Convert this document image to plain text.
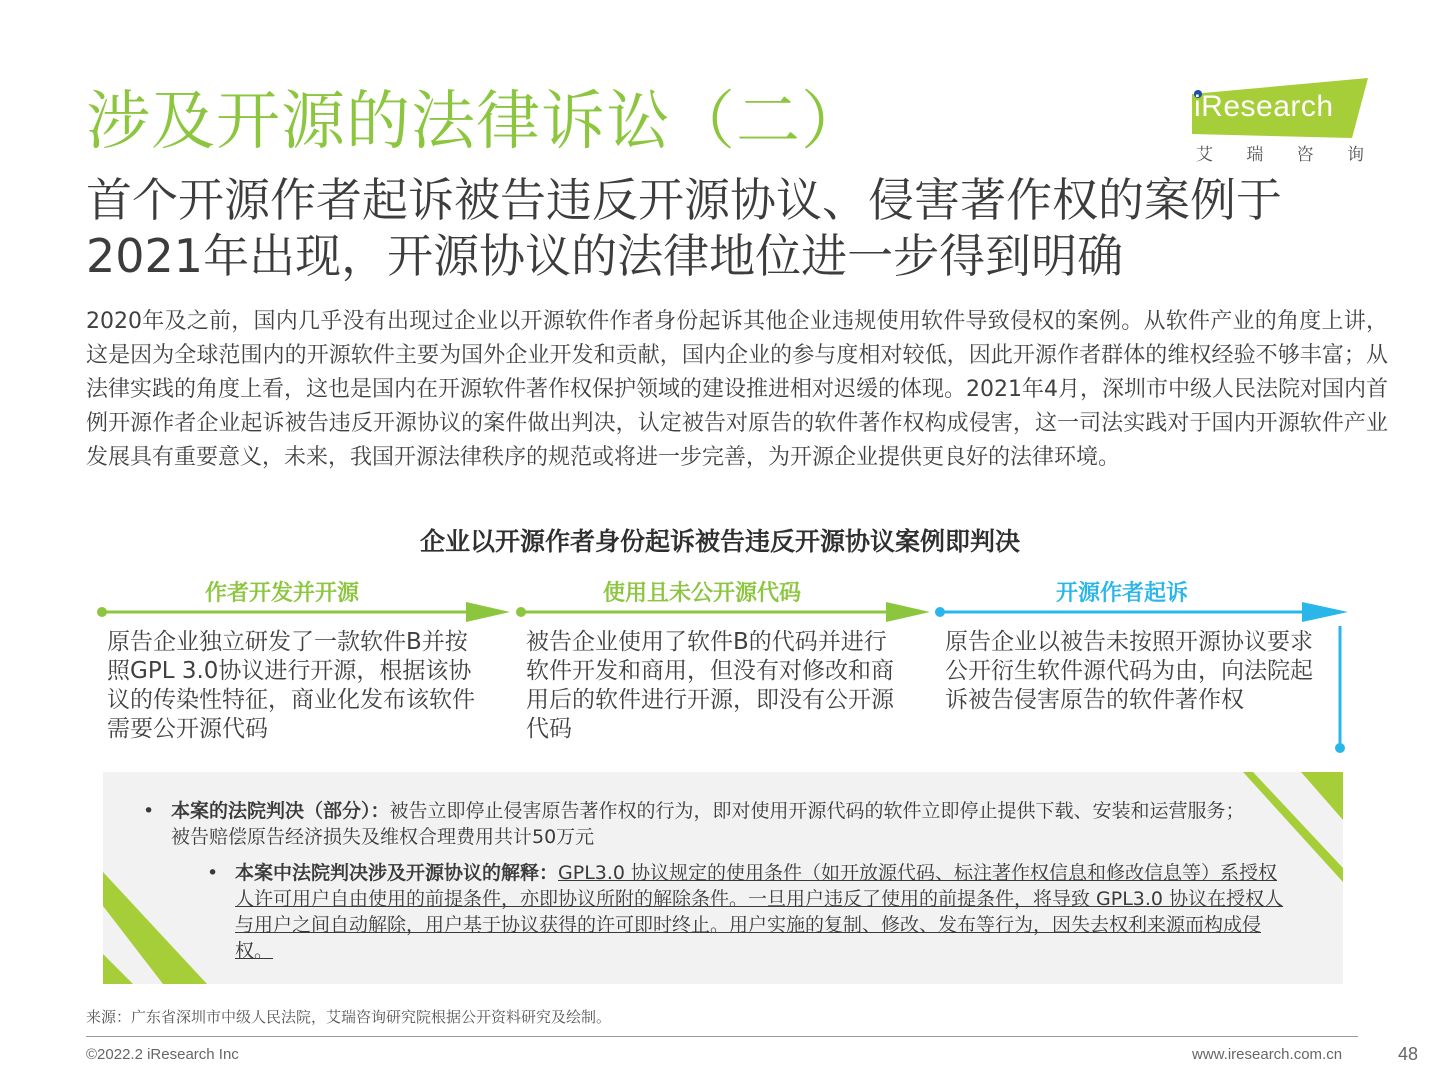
涉及开源的法律诉讼（二）
首个开源作者起诉被告违反开源协议、侵害著作权的案例于2021年出现，开源协议的法律地位进一步得到明确
iResearch
艾 瑞 咨 询
2020年及之前，国内几乎没有出现过企业以开源软件作者身份起诉其他企业违规使用软件导致侵权的案例。从软件产业的角度上讲，这是因为全球范围内的开源软件主要为国外企业开发和贡献，国内企业的参与度相对较低，因此开源作者群体的维权经验不够丰富；从法律实践的角度上看，这也是国内在开源软件著作权保护领域的建设推进相对迟缓的体现。2021年4月，深圳市中级人民法院对国内首例开源作者企业起诉被告违反开源协议的案件做出判决，认定被告对原告的软件著作权构成侵害，这一司法实践对于国内开源软件产业发展具有重要意义，未来，我国开源法律秩序的规范或将进一步完善，为开源企业提供更良好的法律环境。
企业以开源作者身份起诉被告违反开源协议案例即判决
作者开发并开源	使用且未公开源代码	开源作者起诉
原告企业独立研发了一款软件B并按照GPL 3.0协议进行开源，根据该协议的传染性特征，商业化发布该软件需要公开源代码
被告企业使用了软件B的代码并进行软件开发和商用，但没有对修改和商用后的软件进行开源，即没有公开源代码
原告企业以被告未按照开源协议要求公开衍生软件源代码为由，向法院起诉被告侵害原告的软件著作权
• 本案的法院判决（部分）：被告立即停止侵害原告著作权的行为，即对使用开源代码的软件立即停止提供下载、安装和运营服务；被告赔偿原告经济损失及维权合理费用共计50万元
• 本案中法院判决涉及开源协议的解释：GPL3.0 协议规定的使用条件（如开放源代码、标注著作权信息和修改信息等）系授权人许可用户自由使用的前提条件，亦即协议所附的解除条件。一旦用户违反了使用的前提条件，将导致 GPL3.0 协议在授权人与用户之间自动解除，用户基于协议获得的许可即时终止。用户实施的复制、修改、发布等行为，因失去权利来源而构成侵权。
来源：广东省深圳市中级人民法院，艾瑞咨询研究院根据公开资料研究及绘制。
©2022.2 iResearch Inc	www.iresearch.com.cn	48
